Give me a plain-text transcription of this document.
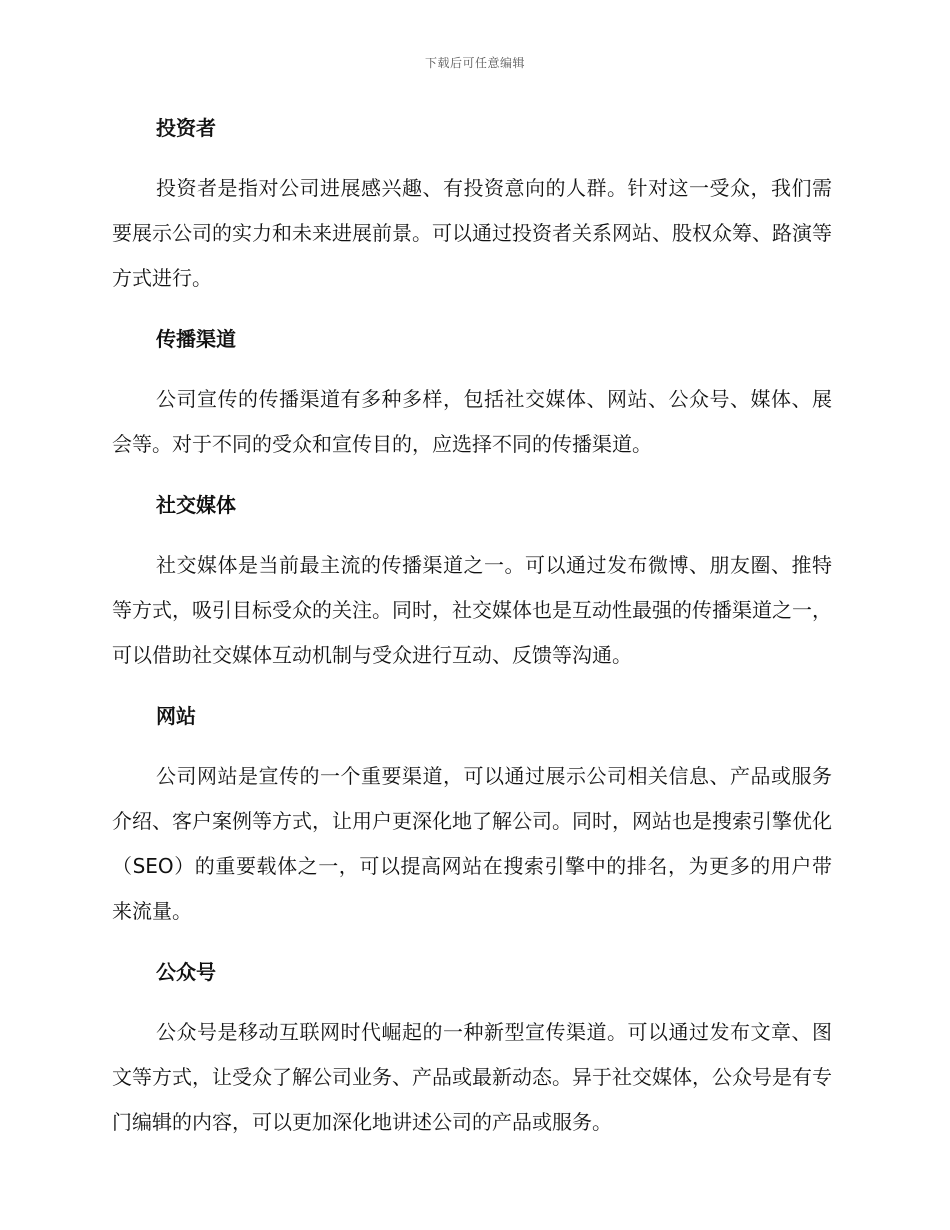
下载后可任意编辑
投资者

投资者是指对公司进展感兴趣、有投资意向的人群。针对这一受众，我们需要展示公司的实力和未来进展前景。可以通过投资者关系网站、股权众筹、路演等方式进行。

传播渠道

公司宣传的传播渠道有多种多样，包括社交媒体、网站、公众号、媒体、展会等。对于不同的受众和宣传目的，应选择不同的传播渠道。

社交媒体

社交媒体是当前最主流的传播渠道之一。可以通过发布微博、朋友圈、推特等方式，吸引目标受众的关注。同时，社交媒体也是互动性最强的传播渠道之一，可以借助社交媒体互动机制与受众进行互动、反馈等沟通。

网站

公司网站是宣传的一个重要渠道，可以通过展示公司相关信息、产品或服务介绍、客户案例等方式，让用户更深化地了解公司。同时，网站也是搜索引擎优化（SEO）的重要载体之一，可以提高网站在搜索引擎中的排名，为更多的用户带来流量。

公众号

公众号是移动互联网时代崛起的一种新型宣传渠道。可以通过发布文章、图文等方式，让受众了解公司业务、产品或最新动态。异于社交媒体，公众号是有专门编辑的内容，可以更加深化地讲述公司的产品或服务。
